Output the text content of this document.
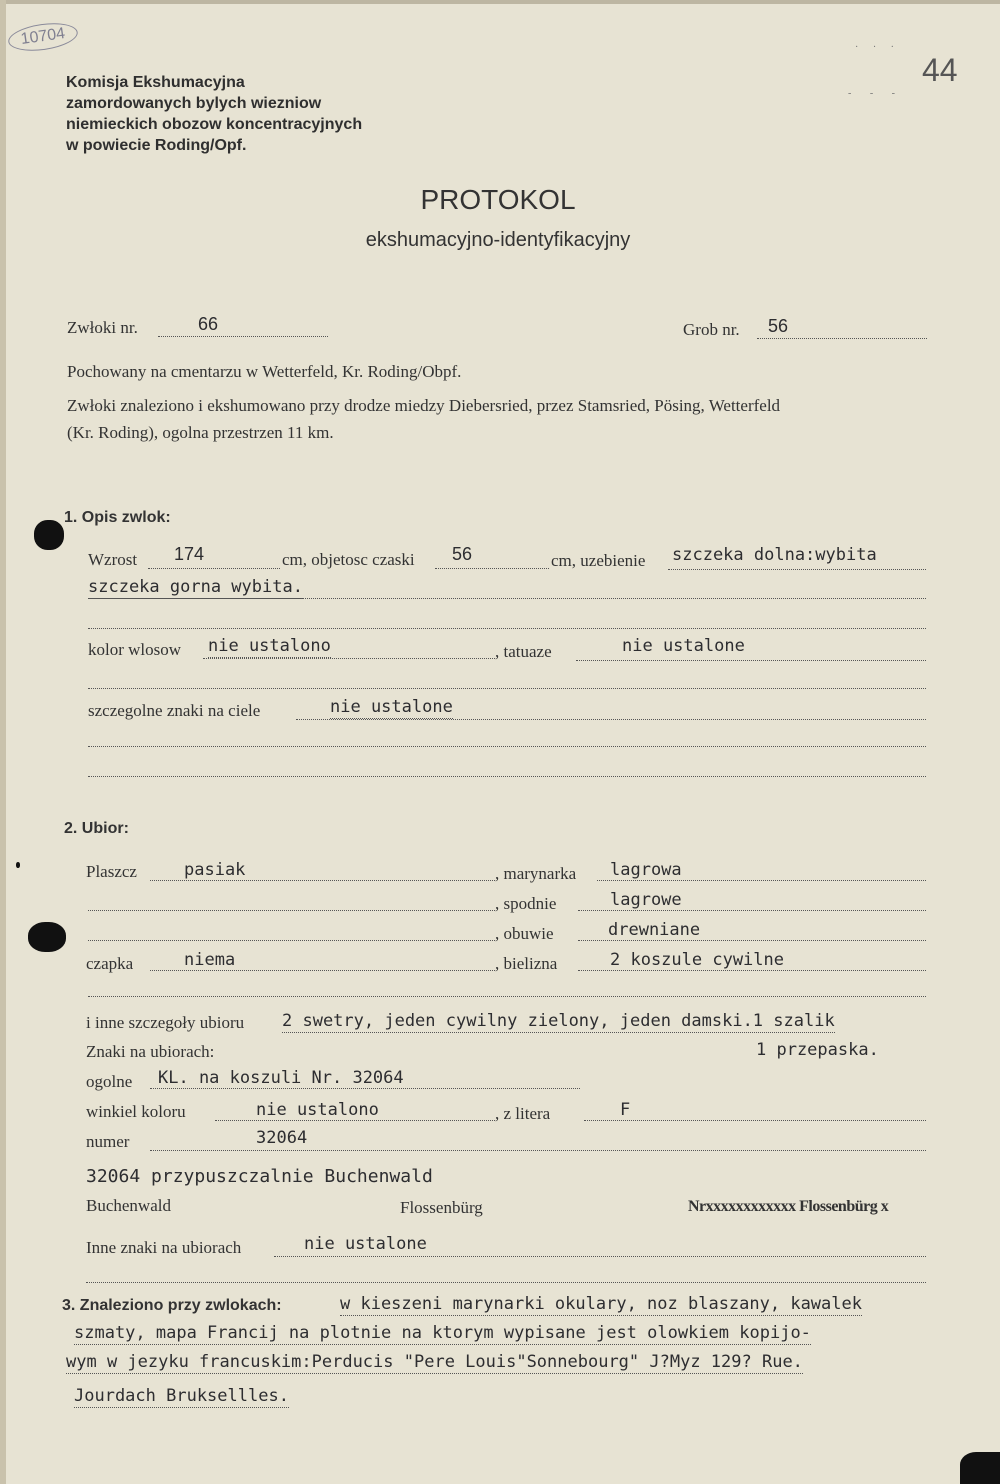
10704
44
· · ·
- - -
Komisja Ekshumacyjna
zamordowanych bylych wiezniow
niemieckich obozow koncentracyjnych
w powiecie Roding/Opf.
PROTOKOL
ekshumacyjno-identyfikacyjny
Zwłoki nr.	66	Grob nr. 56
Pochowany na cmentarzu w Wetterfeld, Kr. Roding/Obpf.
Zwłoki znaleziono i ekshumowano przy drodze miedzy Diebersried, przez Stamsried, Pösing, Wetterfeld
(Kr. Roding), ogolna przestrzen 11 km.
1. Opis zwlok:
Wzrost 174	cm, objetosc czaski 56	cm, uzebienie szczeka dolna:wybita
szczeka gorna wybita.
kolor wlosow nie ustalono	, tatuaze	nie ustalone
szczegolne znaki na ciele	nie ustalone
2. Ubior:
Plaszcz	pasiak	, marynarka lagrowa
, spodnie	lagrowe
, obuwie	drewniane
czapka	niema	, bielizna	2 koszule cywilne
i inne szczegoły ubioru 2 swetry, jeden cywilny zielony, jeden damski.1 szalik
Znaki na ubiorach:	1 przepaska.
ogolne KL. na koszuli Nr. 32064
winkiel koloru	nie ustalono	, z litera	F
numer	32064
32064 przypuszczalnie Buchenwald
Buchenwald	Flossenbürg	Nrxxxxxxxxxxxx Flossenbürg x
Inne znaki na ubiorach	nie ustalone
3. Znaleziono przy zwlokach:	w kieszeni marynarki okulary, noz blaszany, kawalek
szmaty, mapa Francij na plotnie na ktorym wypisane jest olowkiem kopijo-
wym w jezyku francuskim:Perducis "Pere Louis"Sonnebourg" J?Myz 129? Rue.
Jourdach Bruksellles.
